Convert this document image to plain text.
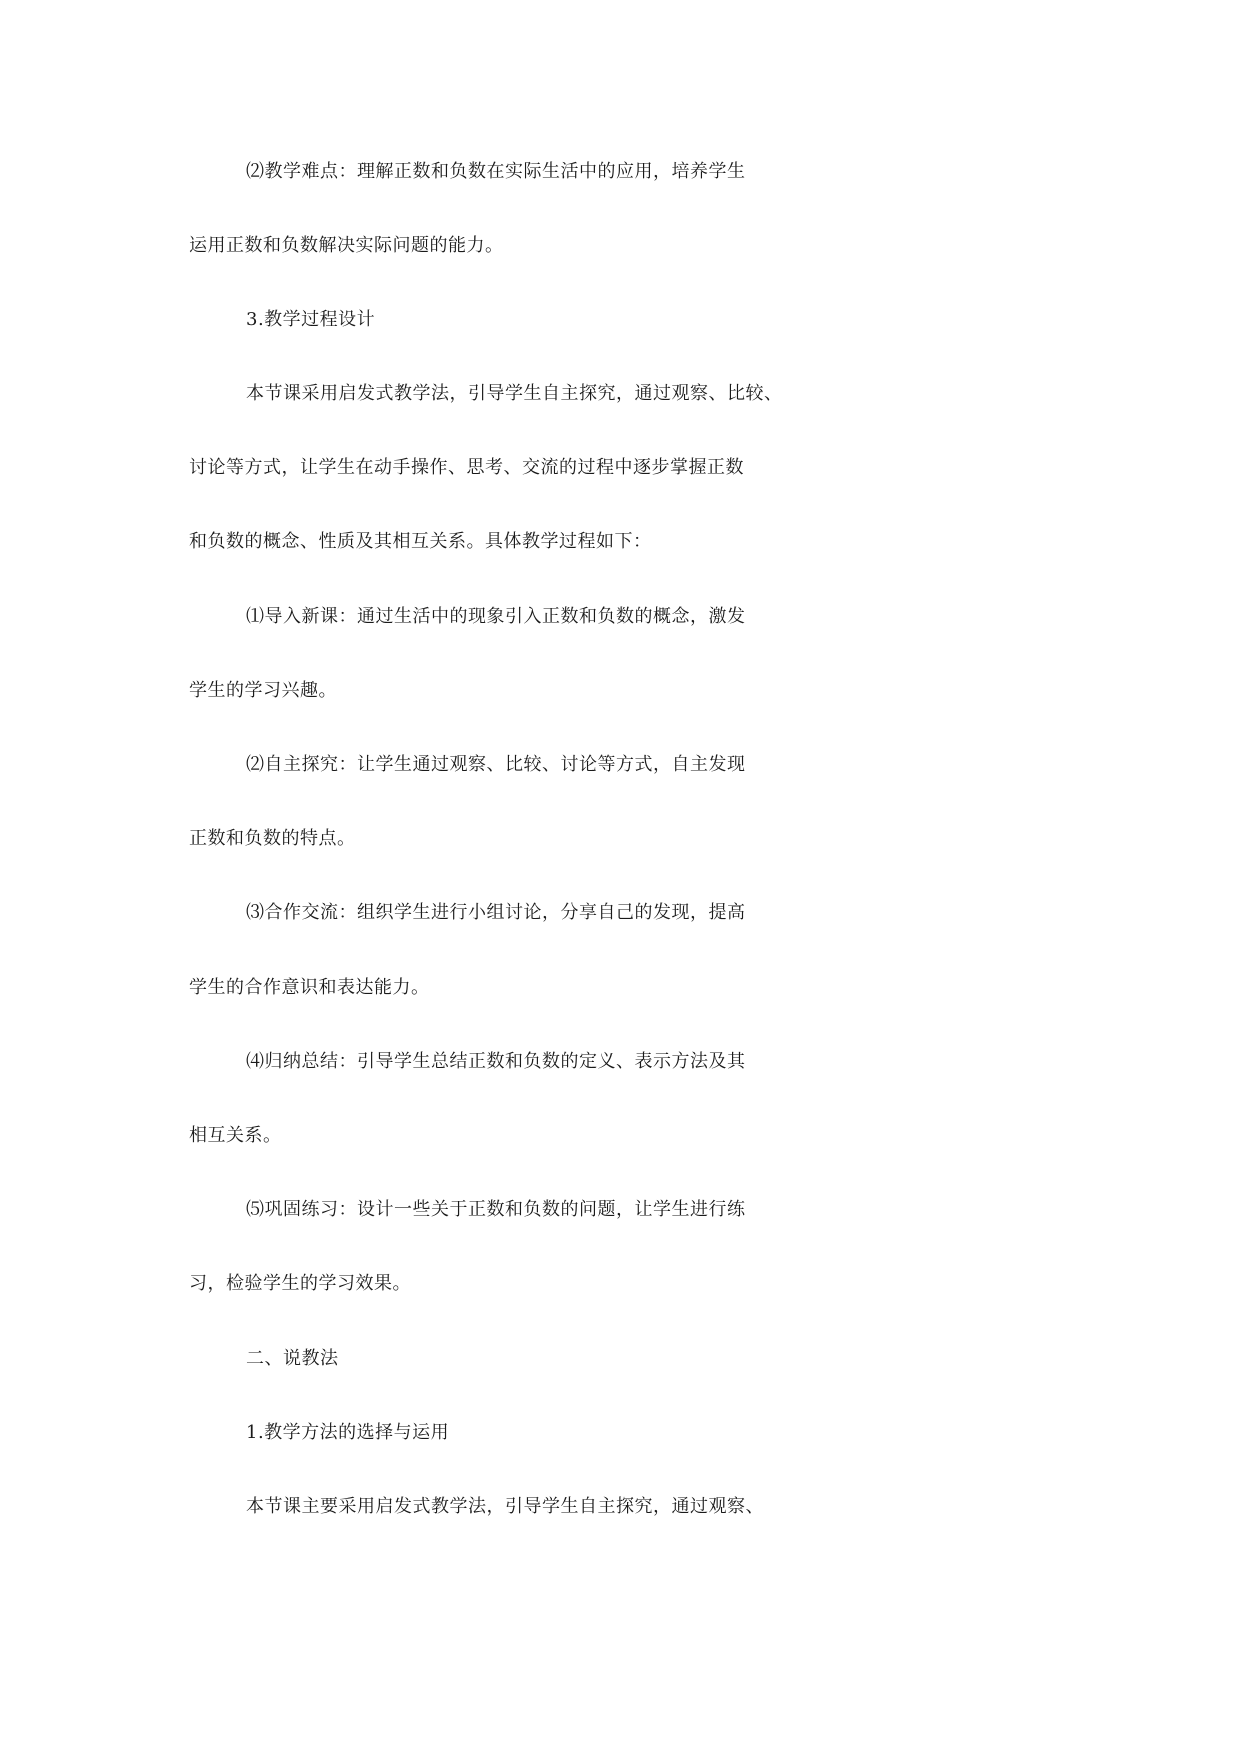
⑵教学难点：理解正数和负数在实际生活中的应用，培养学生
运用正数和负数解决实际问题的能力。
3.教学过程设计
本节课采用启发式教学法，引导学生自主探究，通过观察、比较、
讨论等方式，让学生在动手操作、思考、交流的过程中逐步掌握正数
和负数的概念、性质及其相互关系。具体教学过程如下：
⑴导入新课：通过生活中的现象引入正数和负数的概念，激发
学生的学习兴趣。
⑵自主探究：让学生通过观察、比较、讨论等方式，自主发现
正数和负数的特点。
⑶合作交流：组织学生进行小组讨论，分享自己的发现，提高
学生的合作意识和表达能力。
⑷归纳总结：引导学生总结正数和负数的定义、表示方法及其
相互关系。
⑸巩固练习：设计一些关于正数和负数的问题，让学生进行练
习，检验学生的学习效果。
二、说教法
1.教学方法的选择与运用
本节课主要采用启发式教学法，引导学生自主探究，通过观察、
